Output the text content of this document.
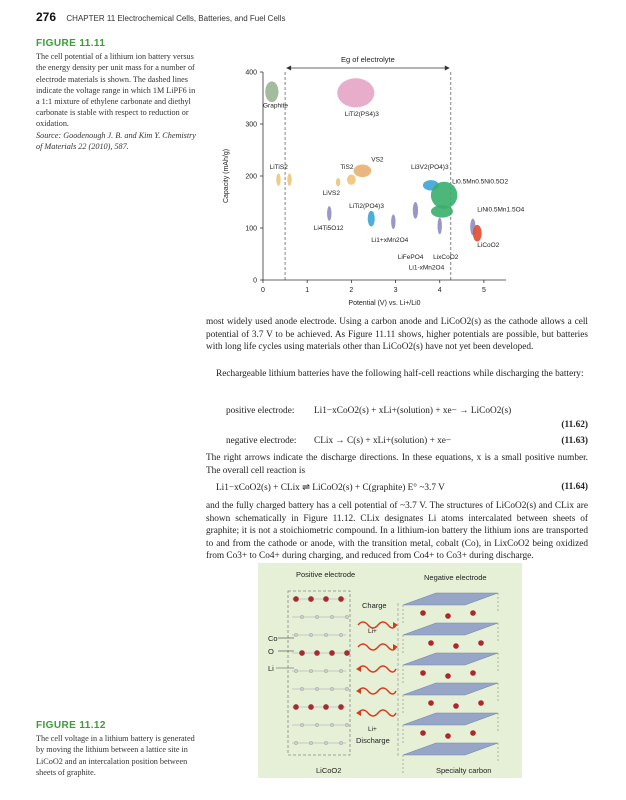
276 CHAPTER 11 Electrochemical Cells, Batteries, and Fuel Cells
FIGURE 11.11
The cell potential of a lithium ion battery versus the energy density per unit mass for a number of electrode materials is shown. The dashed lines indicate the voltage range in which 1M LiPF6 in a 1:1 mixture of ethylene carbonate and diethyl carbonate is stable with respect to reduction or oxidation.
Source: Goodenough J. B. and Kim Y. Chemistry of Materials 22 (2010), 587.
Eg of electrolyte
0	1	2	3	4	5
0
100
200
300
400
Potential (V) vs. Li+/Li0
Capacity (mAh/g)
Graphite
LiTi2(PS4)3
LiTiS2	TiS2
VS2
LiVS2
Li3V2(PO4)3
Li0.5Mn0.5Ni0.5O2
LiTi2(PO4)3
Li4Ti5O12
LiNi0.5Mn1.5O4
Li1+xMn2O4
LiCoO2
LiFePO4 LixCoO2
Li1-xMn2O4

most widely used anode electrode. Using a carbon anode and LiCoO2(s) as the cathode allows a cell potential of 3.7 V to be achieved. As Figure 11.11 shows, higher potentials are possible, but batteries with long life cycles using materials other than LiCoO2(s) have not yet been developed.

Rechargeable lithium batteries have the following half-cell reactions while discharging the battery:

positive electrode: Li1−xCoO2(s) + xLi+(solution) + xe− → LiCoO2(s)
(11.62)
negative electrode: CLix → C(s) + xLi+(solution) + xe−	(11.63)

The right arrows indicate the discharge directions. In these equations, x is a small positive number. The overall cell reaction is

Li1−xCoO2(s) + CLix ⇌ LiCoO2(s) + C(graphite) E° ~3.7 V	(11.64)

and the fully charged battery has a cell potential of ~3.7 V. The structures of LiCoO2(s) and CLix are shown schematically in Figure 11.12. CLix designates Li atoms intercalated between sheets of graphite; it is not a stoichiometric compound. In a lithium-ion battery the lithium ions are transported to and from the cathode or anode, with the transition metal, cobalt (Co), in LixCoO2 being oxidized from Co3+ to Co4+ during charging, and reduced from Co4+ to Co3+ during discharge.

Positive electrode	Negative electrode
Charge
Discharge
Co
O
Li
Li+
Li+
LiCoO2	Specialty carbon
FIGURE 11.12
The cell voltage in a lithium battery is generated by moving the lithium between a lattice site in LiCoO2 and an intercalation position between sheets of graphite.
